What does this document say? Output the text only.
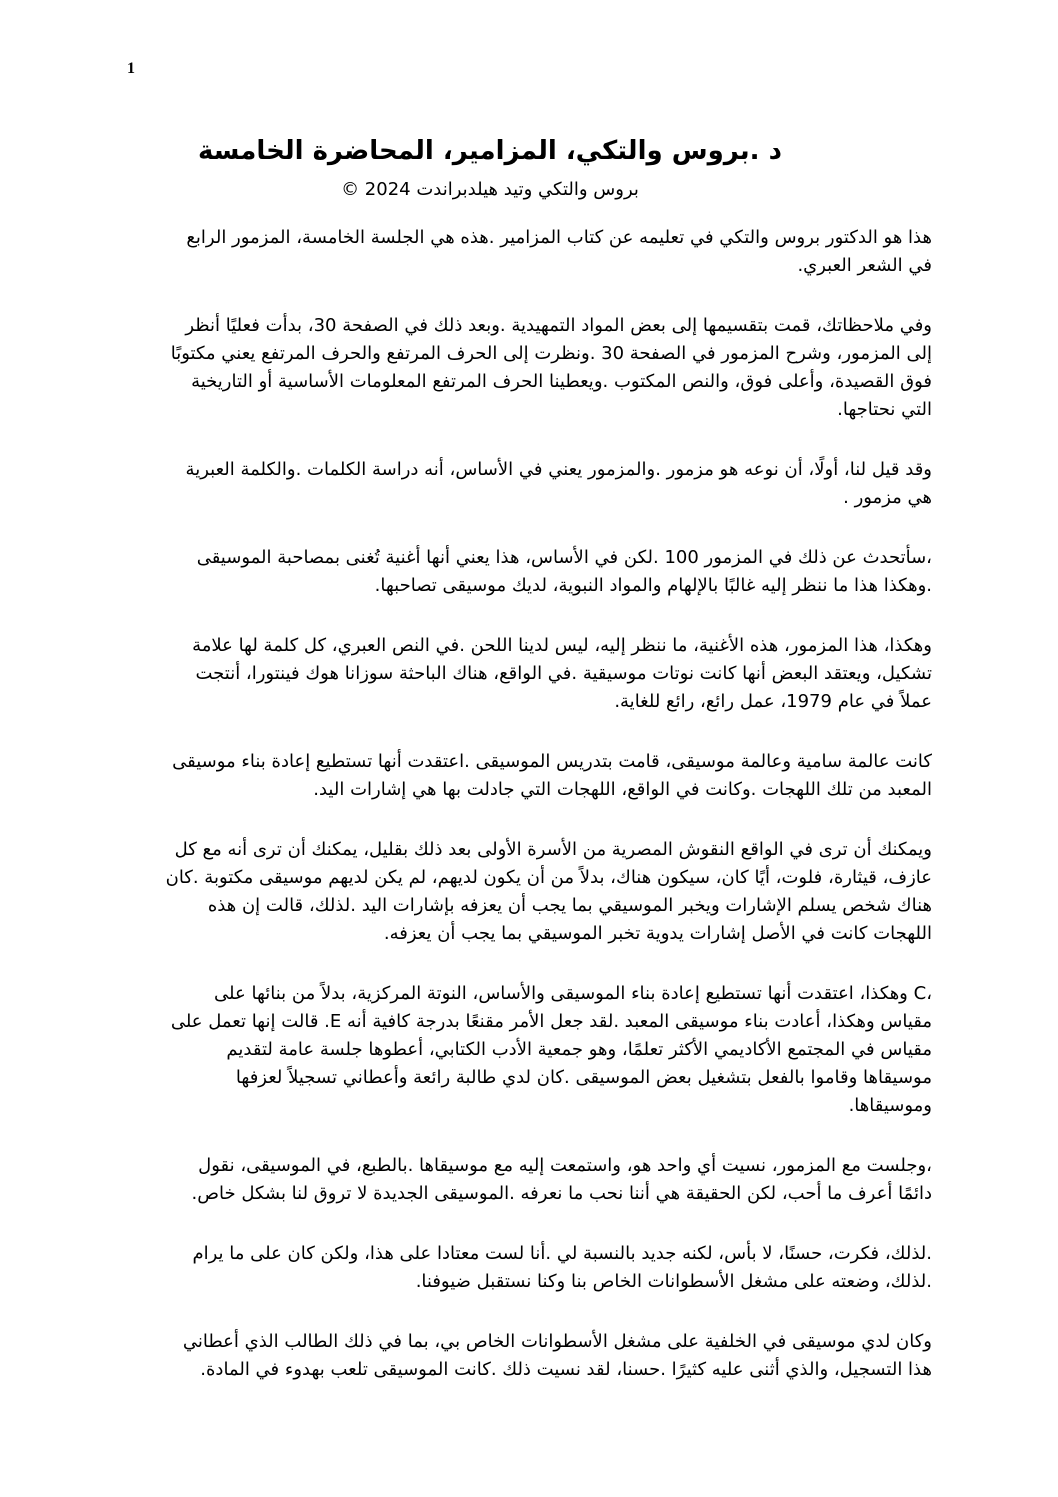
1
د .بروس والتكي، المزامير، المحاضرة الخامسة
بروس والتكي وتيد هيلدبراندت 2024 ©

هذا هو الدكتور بروس والتكي في تعليمه عن كتاب المزامير .هذه هي الجلسة الخامسة، المزمور الرابع في الشعر العبري.

وفي ملاحظاتك، قمت بتقسيمها إلى بعض المواد التمهيدية .وبعد ذلك في الصفحة 30، بدأت فعليًا أنظر إلى المزمور، وشرح المزمور في الصفحة 30 .ونظرت إلى الحرف المرتفع والحرف المرتفع يعني مكتوبًا فوق القصيدة، وأعلى فوق، والنص المكتوب .ويعطينا الحرف المرتفع المعلومات الأساسية أو التاريخية التي نحتاجها.

وقد قيل لنا، أولًا، أن نوعه هو مزمور .والمزمور يعني في الأساس، أنه دراسة الكلمات .والكلمة العبرية هي مزمور .

،سأتحدث عن ذلك في المزمور 100 .لكن في الأساس، هذا يعني أنها أغنية تُغنى بمصاحبة الموسيقى .وهكذا هذا ما ننظر إليه غالبًا بالإلهام والمواد النبوية، لديك موسيقى تصاحبها.

وهكذا، هذا المزمور، هذه الأغنية، ما ننظر إليه، ليس لدينا اللحن .في النص العبري، كل كلمة لها علامة تشكيل، ويعتقد البعض أنها كانت نوتات موسيقية .في الواقع، هناك الباحثة سوزانا هوك فينتورا، أنتجت عملاً في عام 1979، عمل رائع، رائع للغاية.

كانت عالمة سامية وعالمة موسيقى، قامت بتدريس الموسيقى .اعتقدت أنها تستطيع إعادة بناء موسيقى المعبد من تلك اللهجات .وكانت في الواقع، اللهجات التي جادلت بها هي إشارات اليد.

ويمكنك أن ترى في الواقع النقوش المصرية من الأسرة الأولى بعد ذلك بقليل، يمكنك أن ترى أنه مع كل عازف، قيثارة، فلوت، أيًا كان، سيكون هناك، بدلاً من أن يكون لديهم، لم يكن لديهم موسيقى مكتوبة .كان هناك شخص يسلم الإشارات ويخبر الموسيقي بما يجب أن يعزفه بإشارات اليد .لذلك، قالت إن هذه اللهجات كانت في الأصل إشارات يدوية تخبر الموسيقي بما يجب أن يعزفه.

،C وهكذا، اعتقدت أنها تستطيع إعادة بناء الموسيقى والأساس، النوتة المركزية، بدلاً من بنائها على مقياس وهكذا، أعادت بناء موسيقى المعبد .لقد جعل الأمر مقنعًا بدرجة كافية أنه E. قالت إنها تعمل على مقياس في المجتمع الأكاديمي الأكثر تعلمًا، وهو جمعية الأدب الكتابي، أعطوها جلسة عامة لتقديم موسيقاها وقاموا بالفعل بتشغيل بعض الموسيقى .كان لدي طالبة رائعة وأعطاني تسجيلاً لعزفها وموسيقاها.

،وجلست مع المزمور، نسيت أي واحد هو، واستمعت إليه مع موسيقاها .بالطبع، في الموسيقى، نقول دائمًا أعرف ما أحب، لكن الحقيقة هي أننا نحب ما نعرفه .الموسيقى الجديدة لا تروق لنا بشكل خاص.

.لذلك، فكرت، حسنًا، لا بأس، لكنه جديد بالنسبة لي .أنا لست معتادا على هذا، ولكن كان على ما يرام .لذلك، وضعته على مشغل الأسطوانات الخاص بنا وكنا نستقبل ضيوفنا.

وكان لدي موسيقى في الخلفية على مشغل الأسطوانات الخاص بي، بما في ذلك الطالب الذي أعطاني هذا التسجيل، والذي أثنى عليه كثيرًا .حسنا، لقد نسيت ذلك .كانت الموسيقى تلعب بهدوء في المادة.
